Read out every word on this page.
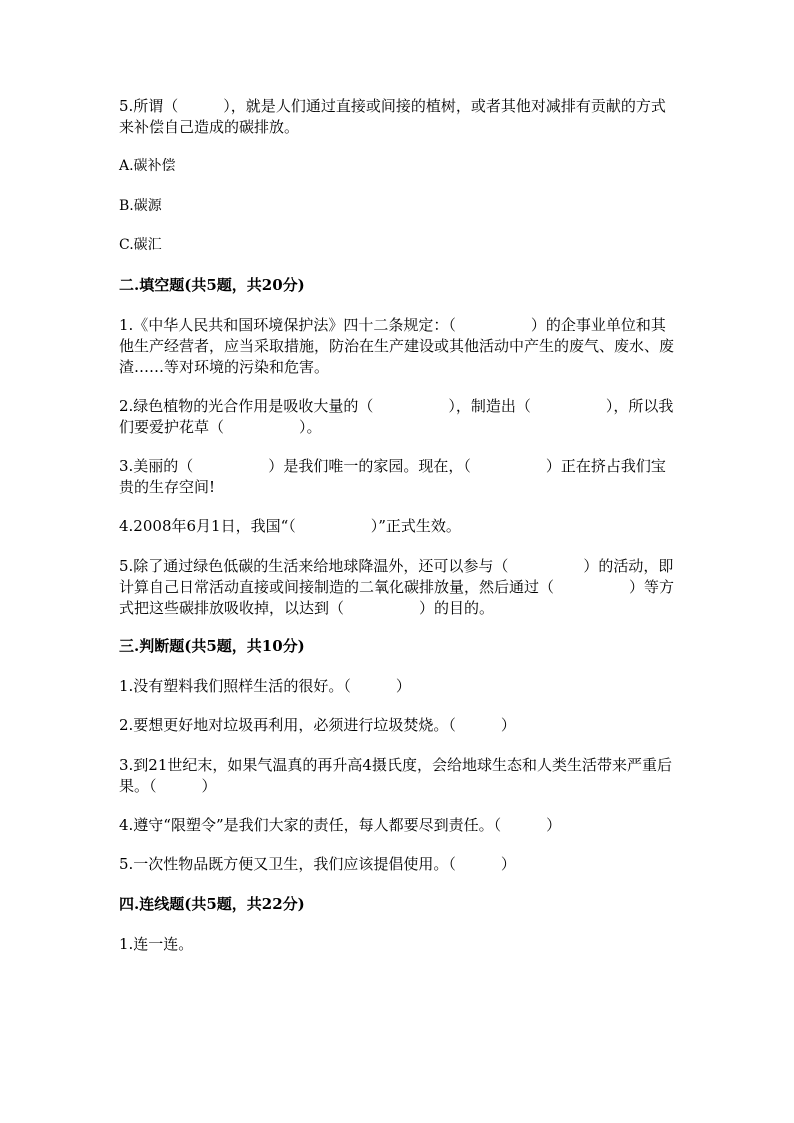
5.所谓（　　　），就是人们通过直接或间接的植树，或者其他对减排有贡献的方式来补偿自己造成的碳排放。

A.碳补偿

B.碳源

C.碳汇

二.填空题(共5题，共20分)

1.《中华人民共和国环境保护法》四十二条规定：（　　　　　）的企事业单位和其他生产经营者，应当采取措施，防治在生产建设或其他活动中产生的废气、废水、废渣……等对环境的污染和危害。

2.绿色植物的光合作用是吸收大量的（　　　　　），制造出（　　　　　），所以我们要爱护花草（　　　　　）。

3.美丽的（　　　　　）是我们唯一的家园。现在，（　　　　　）正在挤占我们宝贵的生存空间!

4.2008年6月1日，我国“（　　　　　）”正式生效。

5.除了通过绿色低碳的生活来给地球降温外，还可以参与（　　　　　）的活动，即计算自己日常活动直接或间接制造的二氧化碳排放量，然后通过（　　　　　）等方式把这些碳排放吸收掉，以达到（　　　　　）的目的。

三.判断题(共5题，共10分)

1.没有塑料我们照样生活的很好。（　　　）

2.要想更好地对垃圾再利用，必须进行垃圾焚烧。（　　　）

3.到21世纪末，如果气温真的再升高4摄氏度，会给地球生态和人类生活带来严重后果。（　　　）

4.遵守“限塑令”是我们大家的责任，每人都要尽到责任。（　　　）

5.一次性物品既方便又卫生，我们应该提倡使用。（　　　）

四.连线题(共5题，共22分)

1.连一连。
